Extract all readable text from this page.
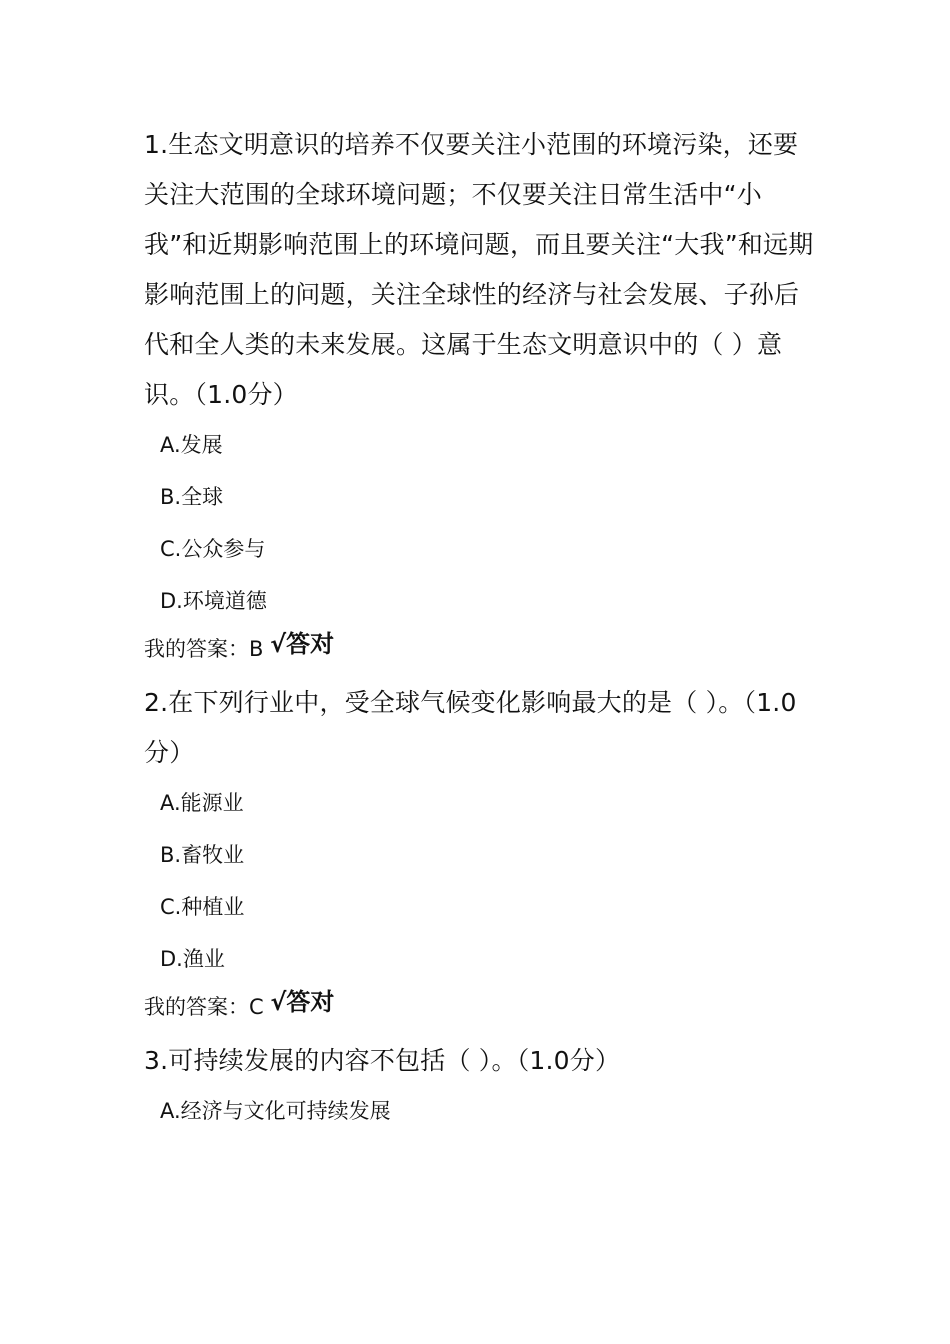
1.生态文明意识的培养不仅要关注小范围的环境污染，还要关注大范围的全球环境问题；不仅要关注日常生活中“小我”和近期影响范围上的环境问题，而且要关注“大我”和远期影响范围上的问题，关注全球性的经济与社会发展、子孙后代和全人类的未来发展。这属于生态文明意识中的（ ）意识。（1.0分）

A.发展
B.全球
C.公众参与
D.环境道德
我的答案：B √答对

2.在下列行业中，受全球气候变化影响最大的是（ ）。（1.0分）

A.能源业
B.畜牧业
C.种植业
D.渔业
我的答案：C √答对

3.可持续发展的内容不包括（ ）。（1.0分）

A.经济与文化可持续发展
